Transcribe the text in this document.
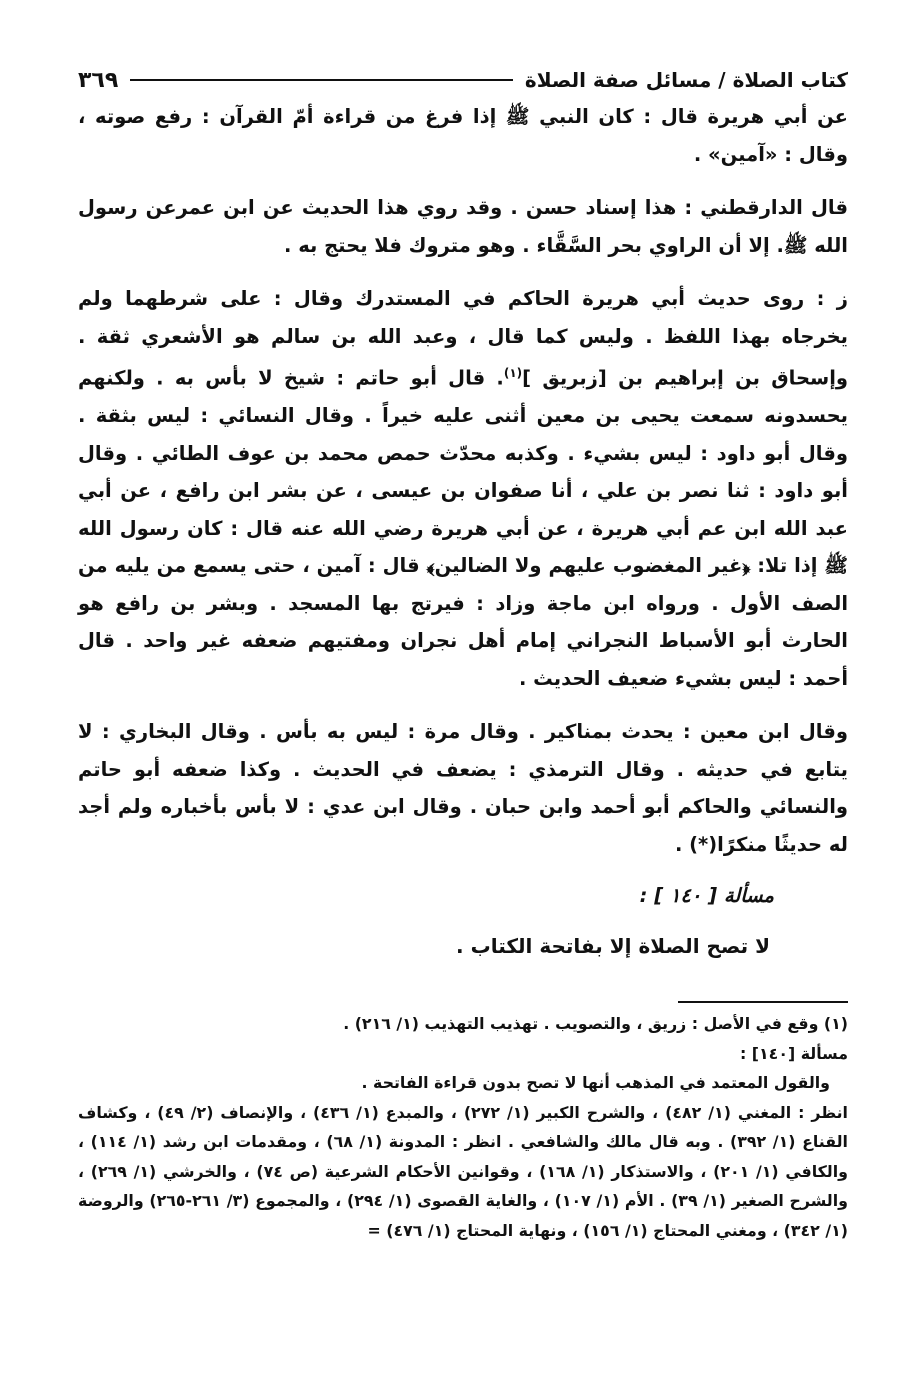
كتاب الصلاة / مسائل صفة الصلاة
٣٦٩

عن أبي هريرة قال : كان النبي ﷺ إذا فرغ من قراءة أمّ القرآن : رفع صوته ، وقال : «آمين» .

قال الدارقطني : هذا إسناد حسن . وقد روي هذا الحديث عن ابن عمرعن رسول الله ﷺ. إلا أن الراوي بحر السَّقَّاء . وهو متروك فلا يحتج به .

ز : روى حديث أبي هريرة الحاكم في المستدرك وقال : على شرطهما ولم يخرجاه بهذا اللفظ . وليس كما قال ، وعبد الله بن سالم هو الأشعري ثقة . وإسحاق بن إبراهيم بن [زبريق ]$^{(١)}$. قال أبو حاتم : شيخ لا بأس به . ولكنهم يحسدونه سمعت يحيى بن معين أثنى عليه خيراً . وقال النسائي : ليس بثقة . وقال أبو داود : ليس بشيء . وكذبه محدّث حمص محمد بن عوف الطائي . وقال أبو داود : ثنا نصر بن علي ، أنا صفوان بن عيسى ، عن بشر ابن رافع ، عن أبي عبد الله ابن عم أبي هريرة ، عن أبي هريرة رضي الله عنه قال : كان رسول الله ﷺ إذا تلا: ﴿غير المغضوب عليهم ولا الضالين﴾ قال : آمين ، حتى يسمع من يليه من الصف الأول . ورواه ابن ماجة وزاد : فيرتج بها المسجد . وبشر بن رافع هو الحارث أبو الأسباط النجراني إمام أهل نجران ومفتيهم ضعفه غير واحد . قال أحمد : ليس بشيء ضعيف الحديث .

وقال ابن معين : يحدث بمناكير . وقال مرة : ليس به بأس . وقال البخاري : لا يتابع في حديثه . وقال الترمذي : يضعف في الحديث . وكذا ضعفه أبو حاتم والنسائي والحاكم أبو أحمد وابن حبان . وقال ابن عدي : لا بأس بأخباره ولم أجد له حديثًا منكرًا(*) .

مسألة [ ١٤٠ ] :
لا تصح الصلاة إلا بفاتحة الكتاب .
(١) وقع في الأصل : زريق ، والتصويب . تهذيب التهذيب (١/ ٢١٦) .
مسألة [١٤٠] :
والقول المعتمد في المذهب أنها لا تصح بدون قراءة الفاتحة .
انظر : المغني (١/ ٤٨٢) ، والشرح الكبير (١/ ٢٧٢) ، والمبدع (١/ ٤٣٦) ، والإنصاف (٢/ ٤٩) ، وكشاف القناع (١/ ٣٩٢) . وبه قال مالك والشافعي . انظر : المدونة (١/ ٦٨) ، ومقدمات ابن رشد (١/ ١١٤) ، والكافي (١/ ٢٠١) ، والاستذكار (١/ ١٦٨) ، وقوانين الأحكام الشرعية (ص ٧٤) ، والخرشي (١/ ٢٦٩) ، والشرح الصغير (١/ ٣٩) . الأم (١/ ١٠٧) ، والغاية القصوى (١/ ٢٩٤) ، والمجموع (٣/ ٢٦١-٢٦٥) والروضة (١/ ٣٤٢) ، ومغني المحتاج (١/ ١٥٦) ، ونهاية المحتاج (١/ ٤٧٦) =
